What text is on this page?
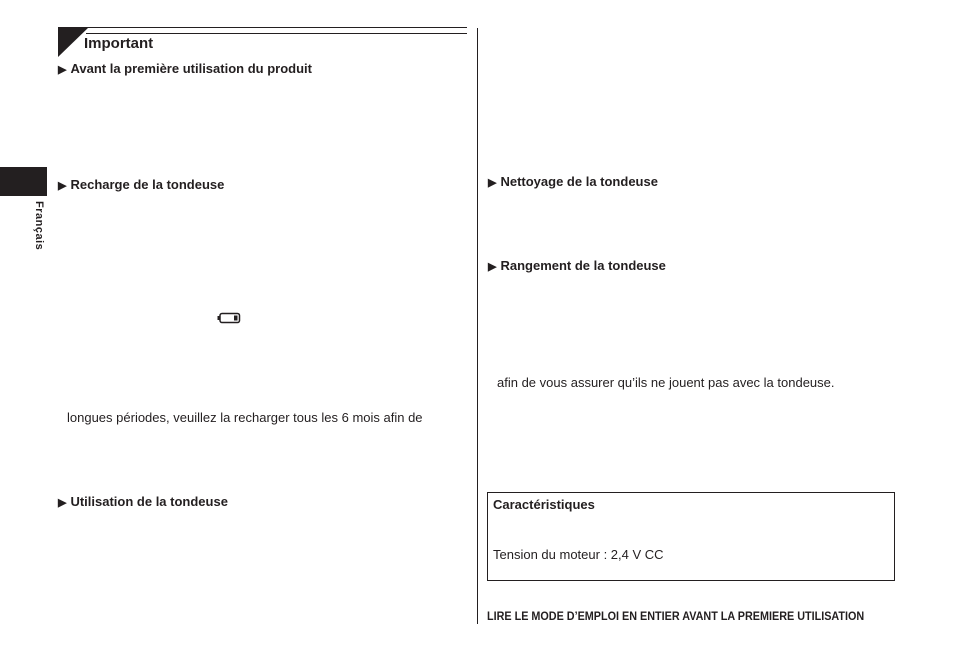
Important
Français
▶ Avant la première utilisation du produit
▶ Recharge de la tondeuse
longues périodes, veuillez la recharger tous les 6 mois afin de
▶ Utilisation de la tondeuse
▶ Nettoyage de la tondeuse
▶ Rangement de la tondeuse
afin de vous assurer qu’ils ne jouent pas avec la tondeuse.
Caractéristiques
Tension du moteur : 2,4 V CC
LIRE LE MODE D’EMPLOI EN ENTIER AVANT LA PREMIERE UTILISATION
